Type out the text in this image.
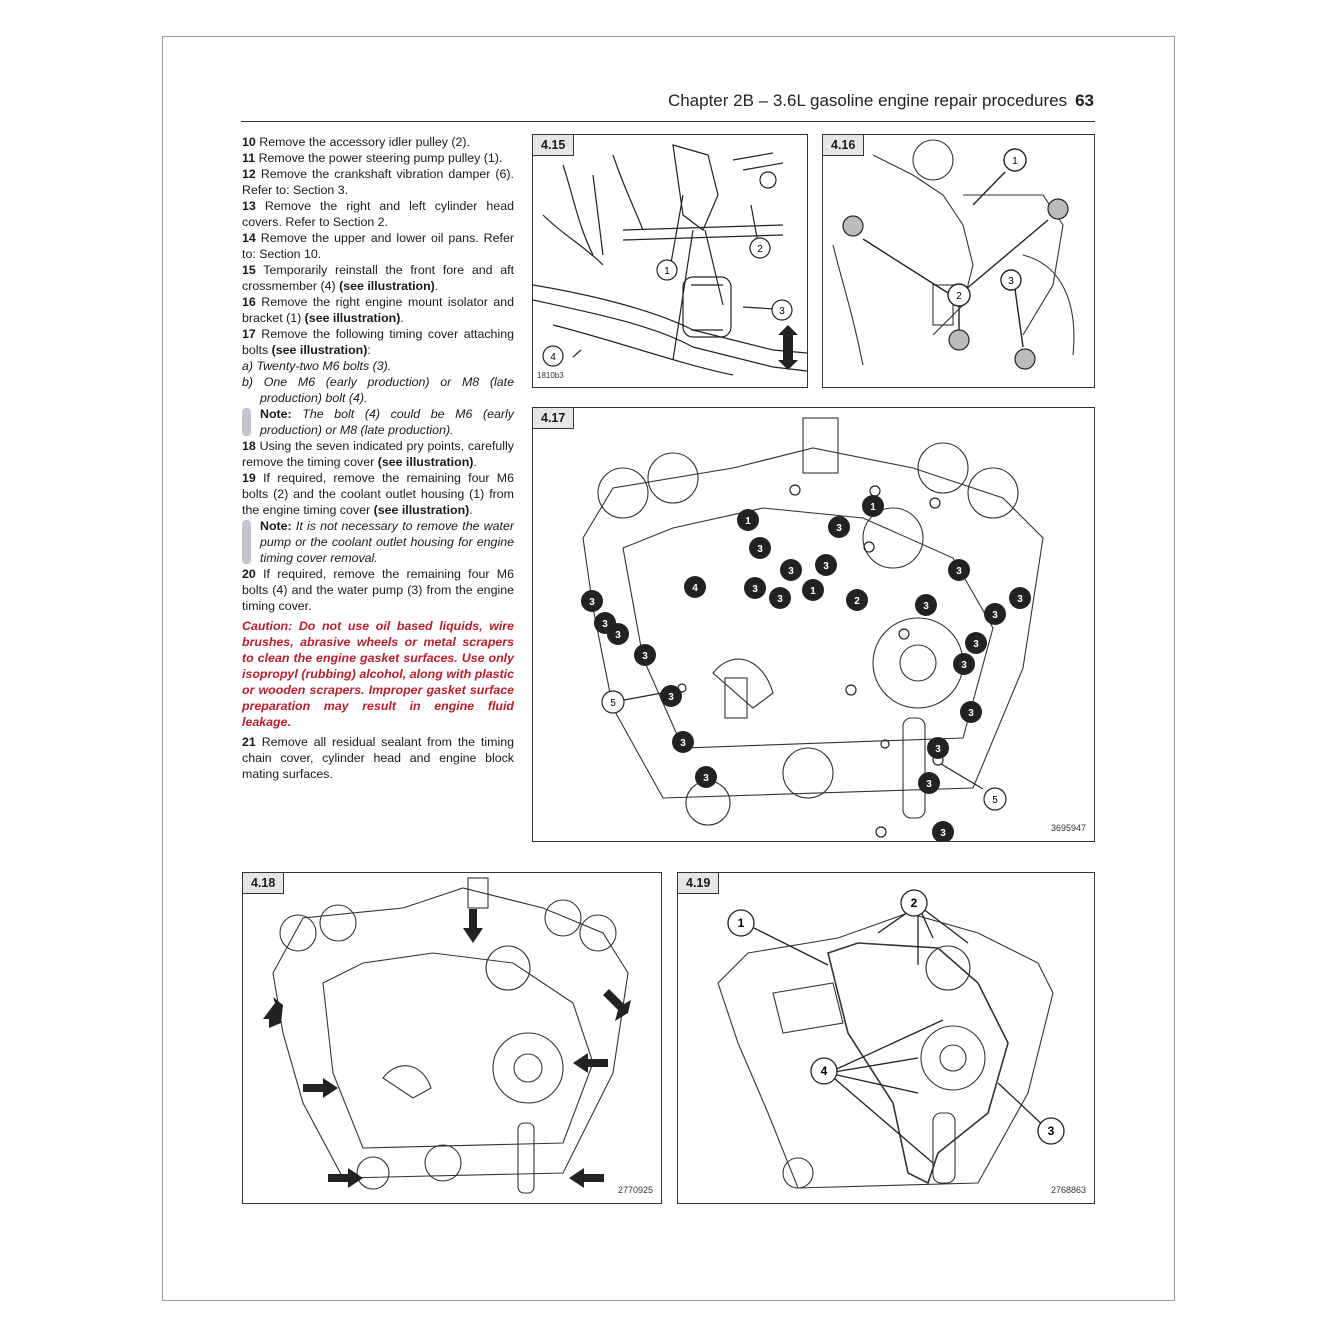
Chapter 2B – 3.6L gasoline engine repair procedures 63

10 Remove the accessory idler pulley (2).

11 Remove the power steering pump pulley (1).

12 Remove the crankshaft vibration damper (6). Refer to: Section 3.

13 Remove the right and left cylinder head covers. Refer to Section 2.

14 Remove the upper and lower oil pans. Refer to: Section 10.

15 Temporarily reinstall the front fore and aft crossmember (4) (see illustration).

16 Remove the right engine mount isolator and bracket (1) (see illustration).

17 Remove the following timing cover attaching bolts (see illustration):

a) Twenty-two M6 bolts (3).

b) One M6 (early production) or M8 (late production) bolt (4).

Note: The bolt (4) could be M6 (early production) or M8 (late production).

18 Using the seven indicated pry points, carefully remove the timing cover (see illustration).

19 If required, remove the remaining four M6 bolts (2) and the coolant outlet housing (1) from the engine timing cover (see illustration).

Note: It is not necessary to remove the water pump or the coolant outlet housing for engine timing cover removal.

20 If required, remove the remaining four M6 bolts (4) and the water pump (3) from the engine timing cover.

Caution: Do not use oil based liquids, wire brushes, abrasive wheels or metal scrapers to clean the engine gasket surfaces. Use only isopropyl (rubbing) alcohol, along with plastic or wooden scrapers. Improper gasket surface preparation may result in engine fluid leakage.

21 Remove all residual sealant from the timing chain cover, cylinder head and engine block mating surfaces.

4.15
1
2
3
4
1810b3
4.16
1
2
3
4.17
5
5
1
1
1
2
4
3
3
3	3
3
3
3
3
3
3
3
3
3
3
3
3
3
3
3
3
3
3
3	3695947
4.18
2770925
4.19
1
2
3
4
2768863
